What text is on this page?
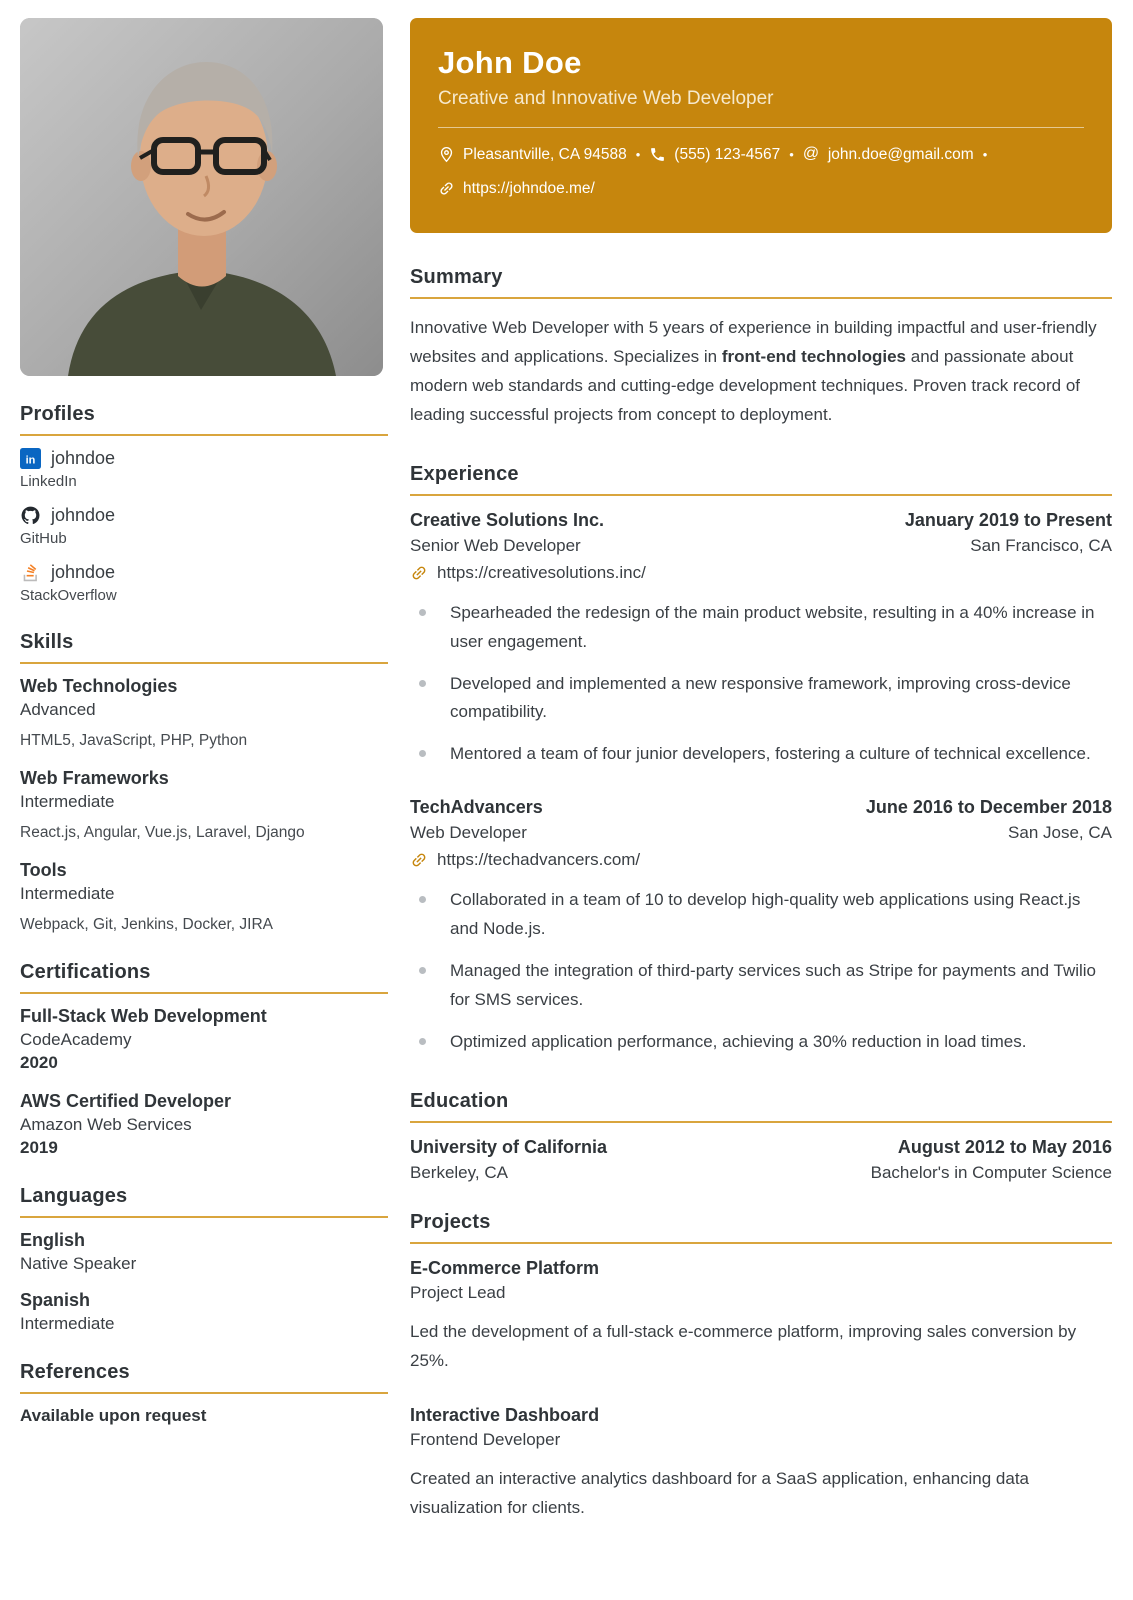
Profiles
in johndoe
LinkedIn
johndoe
GitHub
johndoe
StackOverflow
Skills
Web Technologies
Advanced
HTML5, JavaScript, PHP, Python
Web Frameworks
Intermediate
React.js, Angular, Vue.js, Laravel, Django
Tools
Intermediate
Webpack, Git, Jenkins, Docker, JIRA
Certifications
Full-Stack Web Development
CodeAcademy
2020
AWS Certified Developer
Amazon Web Services
2019
Languages
English
Native Speaker
Spanish
Intermediate
References
Available upon request
John Doe
Creative and Innovative Web Developer
Pleasantville, CA 94588 • (555) 123-4567 • @ john.doe@gmail.com •
https://johndoe.me/
Summary

Innovative Web Developer with 5 years of experience in building impactful and user-friendly websites and applications. Specializes in front-end technologies and passionate about modern web standards and cutting-edge development techniques. Proven track record of leading successful projects from concept to deployment.

Experience
Creative Solutions Inc.	January 2019 to Present
Senior Web Developer	San Francisco, CA
https://creativesolutions.inc/
Spearheaded the redesign of the main product website, resulting in a 40% increase in user engagement.
Developed and implemented a new responsive framework, improving cross-device compatibility.
Mentored a team of four junior developers, fostering a culture of technical excellence.
TechAdvancers	June 2016 to December 2018
Web Developer	San Jose, CA
https://techadvancers.com/
Collaborated in a team of 10 to develop high-quality web applications using React.js and Node.js.
Managed the integration of third-party services such as Stripe for payments and Twilio for SMS services.
Optimized application performance, achieving a 30% reduction in load times.
Education
University of California	August 2012 to May 2016
Berkeley, CA	Bachelor's in Computer Science
Projects
E-Commerce Platform
Project Lead

Led the development of a full-stack e-commerce platform, improving sales conversion by 25%.

Interactive Dashboard
Frontend Developer

Created an interactive analytics dashboard for a SaaS application, enhancing data visualization for clients.
